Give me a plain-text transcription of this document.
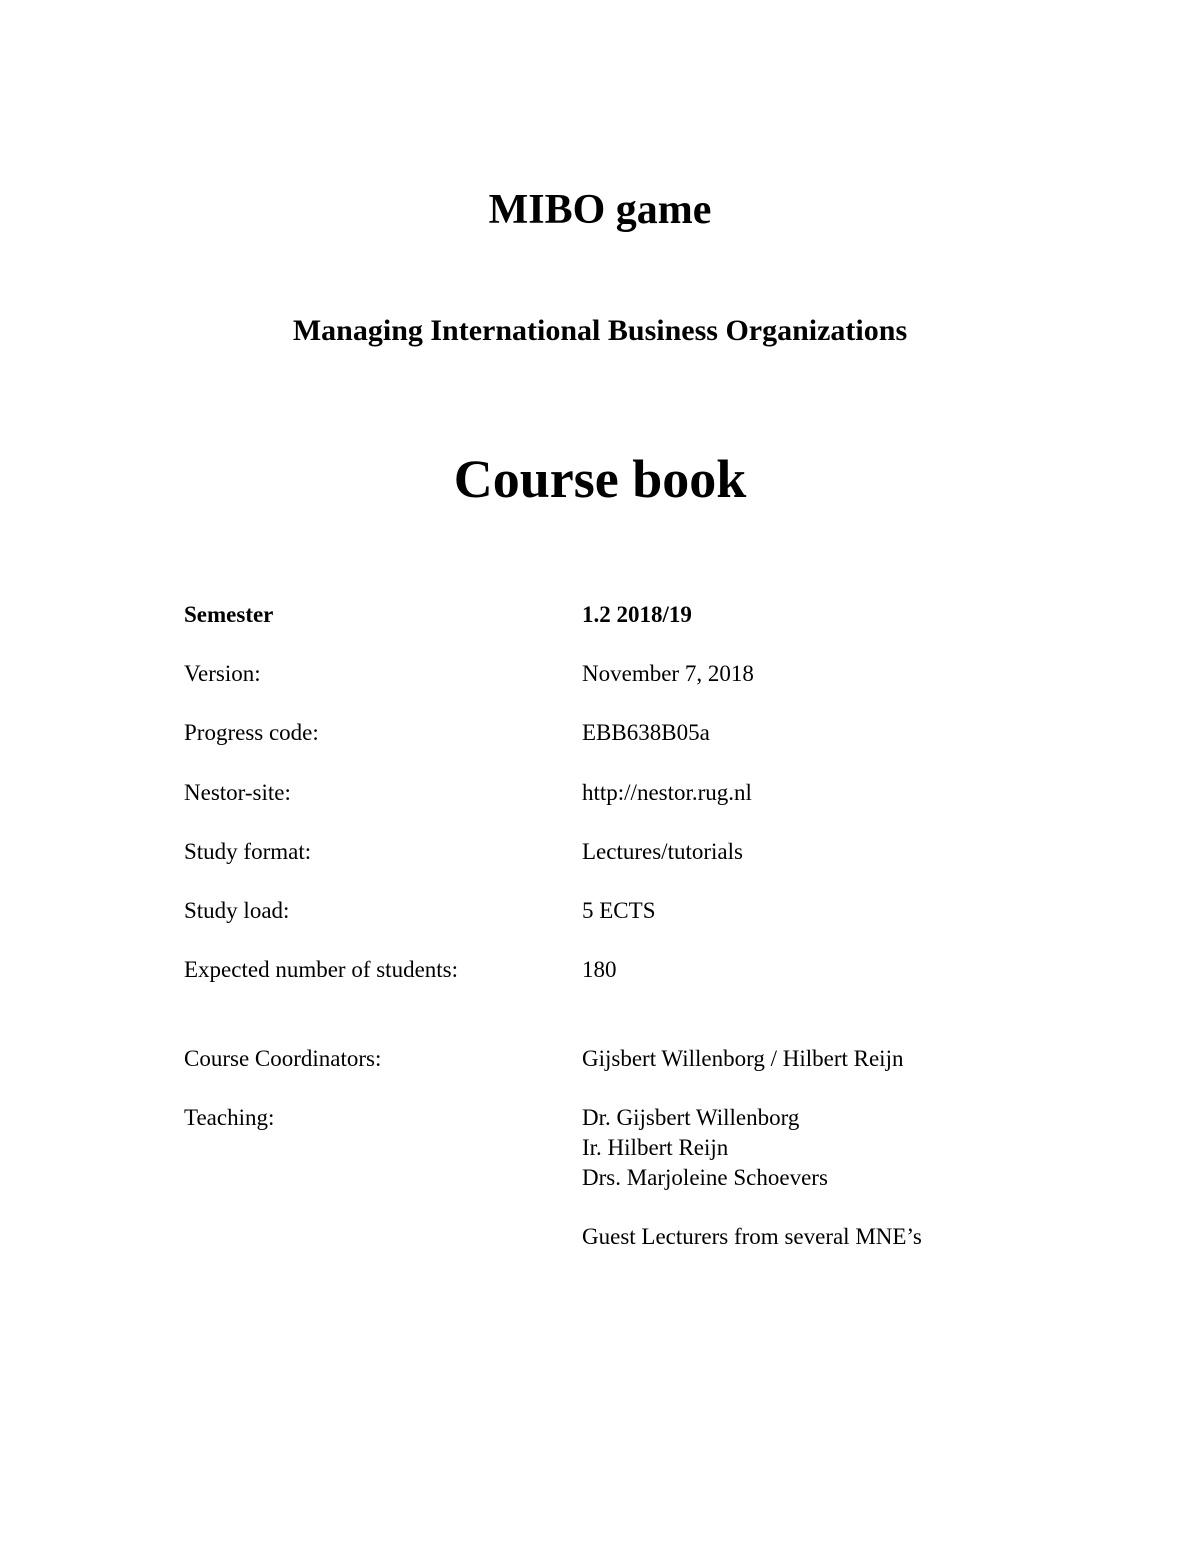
MIBO game
Managing International Business Organizations
Course book
Semester	1.2 2018/19
Version:	November 7, 2018
Progress code:	EBB638B05a
Nestor-site:	http://nestor.rug.nl
Study format:	Lectures/tutorials
Study load:	5 ECTS
Expected number of students:	180
Course Coordinators:	Gijsbert Willenborg / Hilbert Reijn
Teaching:	Dr. Gijsbert Willenborg
Ir. Hilbert Reijn
Drs. Marjoleine Schoevers
Guest Lecturers from several MNE’s
